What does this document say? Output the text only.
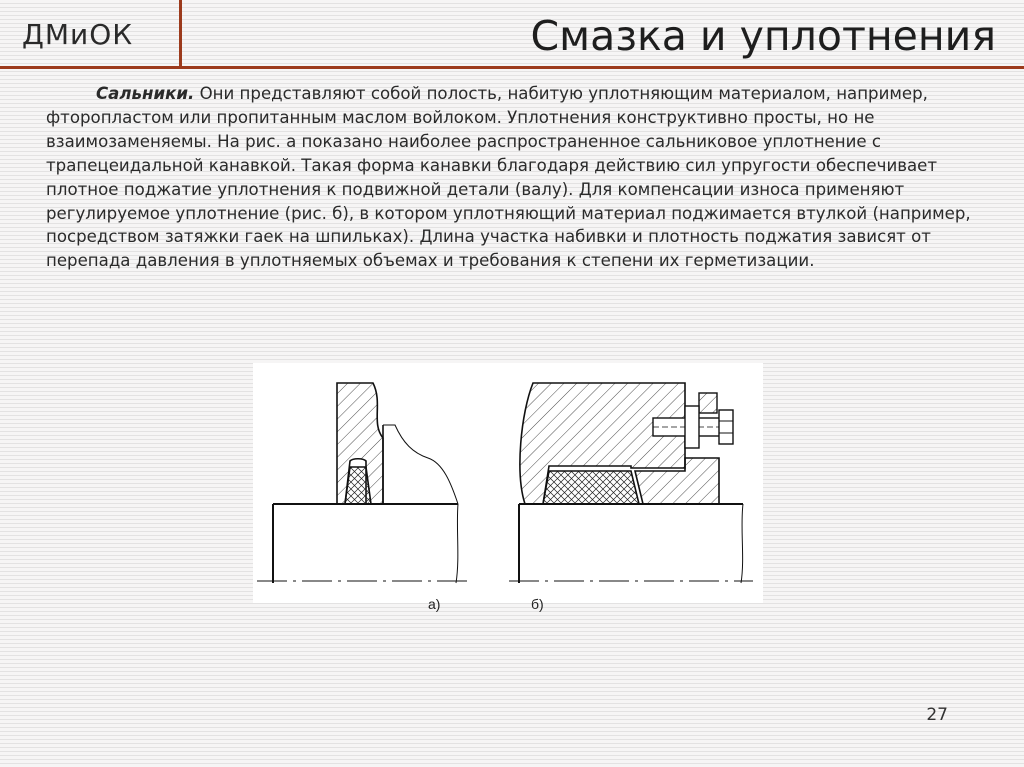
ДМиОК	Смазка и уплотнения
Сальники. Они представляют собой полость, набитую уплотняющим материалом, например, фторопластом или пропитанным маслом войлоком. Уплотнения конструктивно просты, но не взаимозаменяемы. На рис. а показано наиболее распространенное сальниковое уплотнение с трапецеидальной канавкой. Такая форма канавки благодаря действию сил упругости обеспечивает плотное поджатие уплотнения к подвижной детали (валу). Для компенсации износа применяют регулируемое уплотнение (рис. б), в котором уплотняющий материал поджимается втулкой (например, посредством затяжки гаек на шпильках). Длина участка набивки и плотность поджатия зависят от перепада давления в уплотняемых объемах и требования к степени их герметизации.
а)	б)
27
